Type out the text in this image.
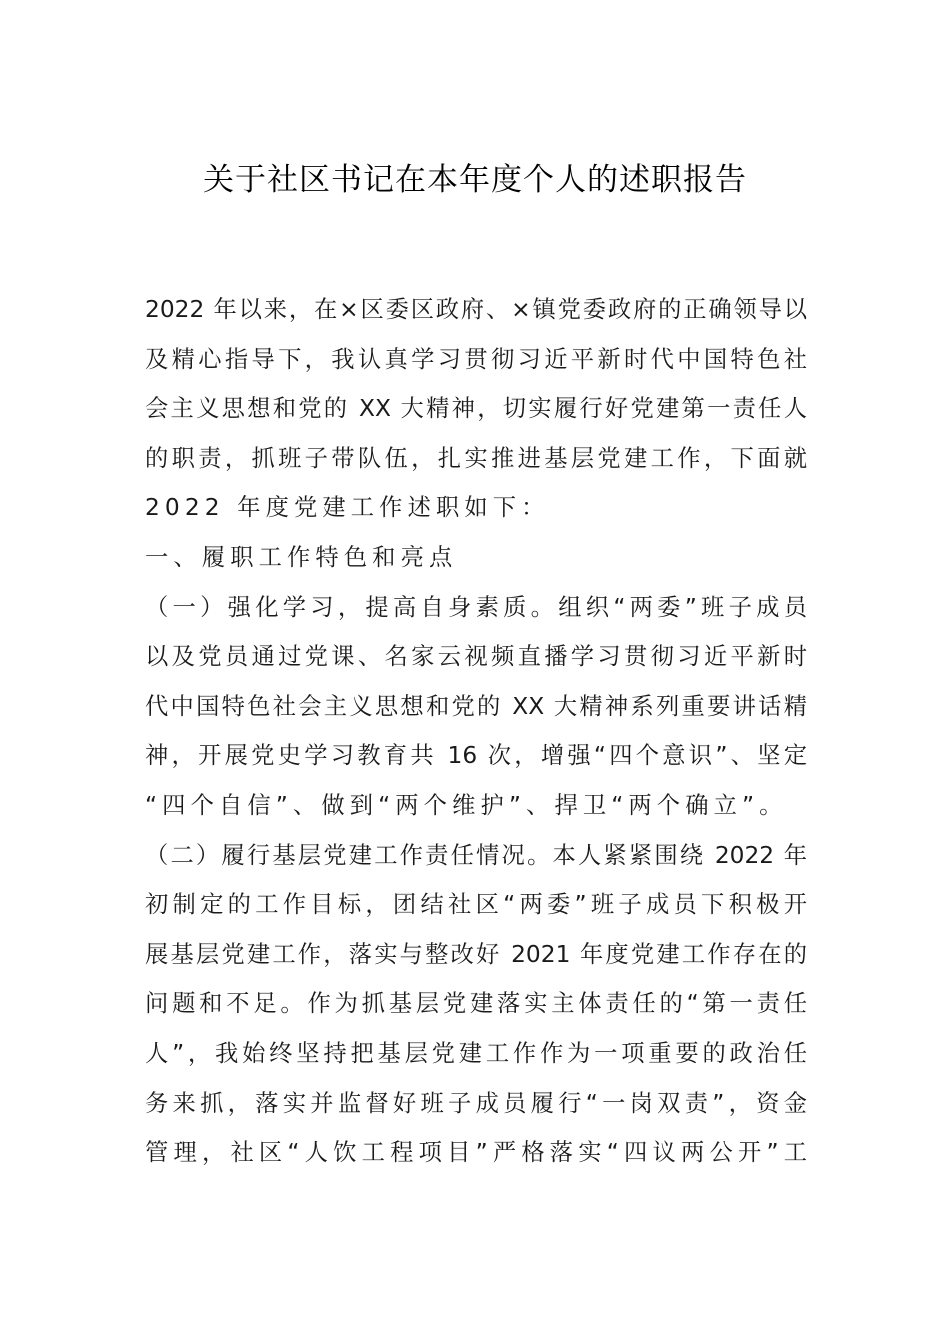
关于社区书记在本年度个人的述职报告
2022 年以来，在×区委区政府、×镇党委政府的正确领导以
及精心指导下，我认真学习贯彻习近平新时代中国特色社
会主义思想和党的 XX 大精神，切实履行好党建第一责任人
的职责，抓班子带队伍，扎实推进基层党建工作，下面就
2022 年度党建工作述职如下：
一、履职工作特色和亮点
（一）强化学习，提高自身素质。组织“两委”班子成员
以及党员通过党课、名家云视频直播学习贯彻习近平新时
代中国特色社会主义思想和党的 XX 大精神系列重要讲话精
神，开展党史学习教育共 16 次，增强“四个意识”、坚定
“四个自信”、做到“两个维护”、捍卫“两个确立”。
（二）履行基层党建工作责任情况。本人紧紧围绕 2022 年
初制定的工作目标，团结社区“两委”班子成员下积极开
展基层党建工作，落实与整改好 2021 年度党建工作存在的
问题和不足。作为抓基层党建落实主体责任的“第一责任
人”，我始终坚持把基层党建工作作为一项重要的政治任
务来抓，落实并监督好班子成员履行“一岗双责”，资金
管理，社区“人饮工程项目”严格落实“四议两公开”工
